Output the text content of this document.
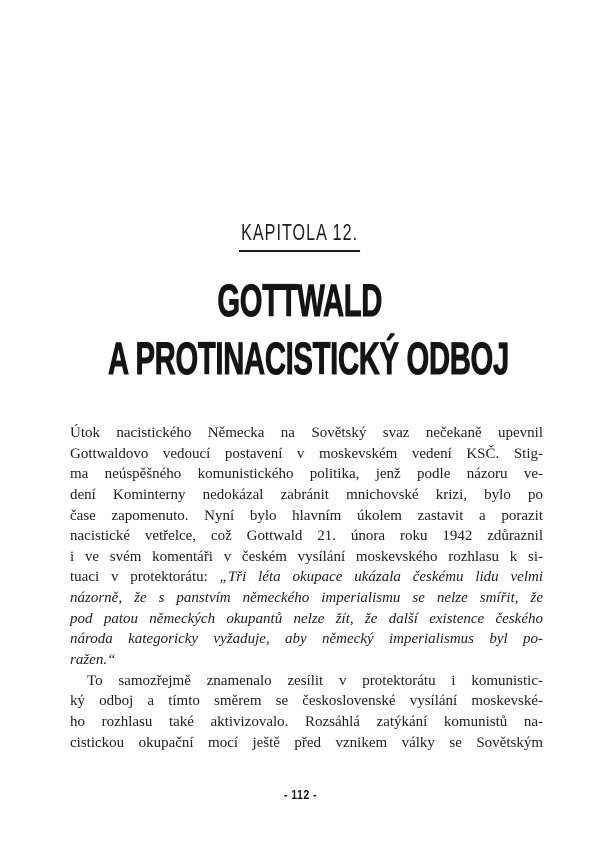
KAPITOLA 12.
GOTTWALD
A PROTINACISTICKÝ ODBOJ
Útok nacistického Německa na Sovětský svaz nečekaně upevnil
Gottwaldovo vedoucí postavení v moskevském vedení KSČ. Stig-
ma neúspěšného komunistického politika, jenž podle názoru ve-
dení Kominterny nedokázal zabránit mnichovské krizi, bylo po
čase zapomenuto. Nyní bylo hlavním úkolem zastavit a porazit
nacistické vetřelce, což Gottwald 21. února roku 1942 zdůraznil
i ve svém komentáři v českém vysílání moskevského rozhlasu k si-
tuaci v protektorátu: „Tři léta okupace ukázala českému lidu velmi
názorně, že s panstvím německého imperialismu se nelze smířit, že
pod patou německých okupantů nelze žít, že další existence českého
národa kategoricky vyžaduje, aby německý imperialismus byl po-
ražen.“
To samozřejmě znamenalo zesílit v protektorátu i komunistic-
ký odboj a tímto směrem se československé vysílání moskevské-
ho rozhlasu také aktivizovalo. Rozsáhlá zatýkání komunistů na-
cistickou okupační mocí ještě před vznikem války se Sovětským
- 112 -
